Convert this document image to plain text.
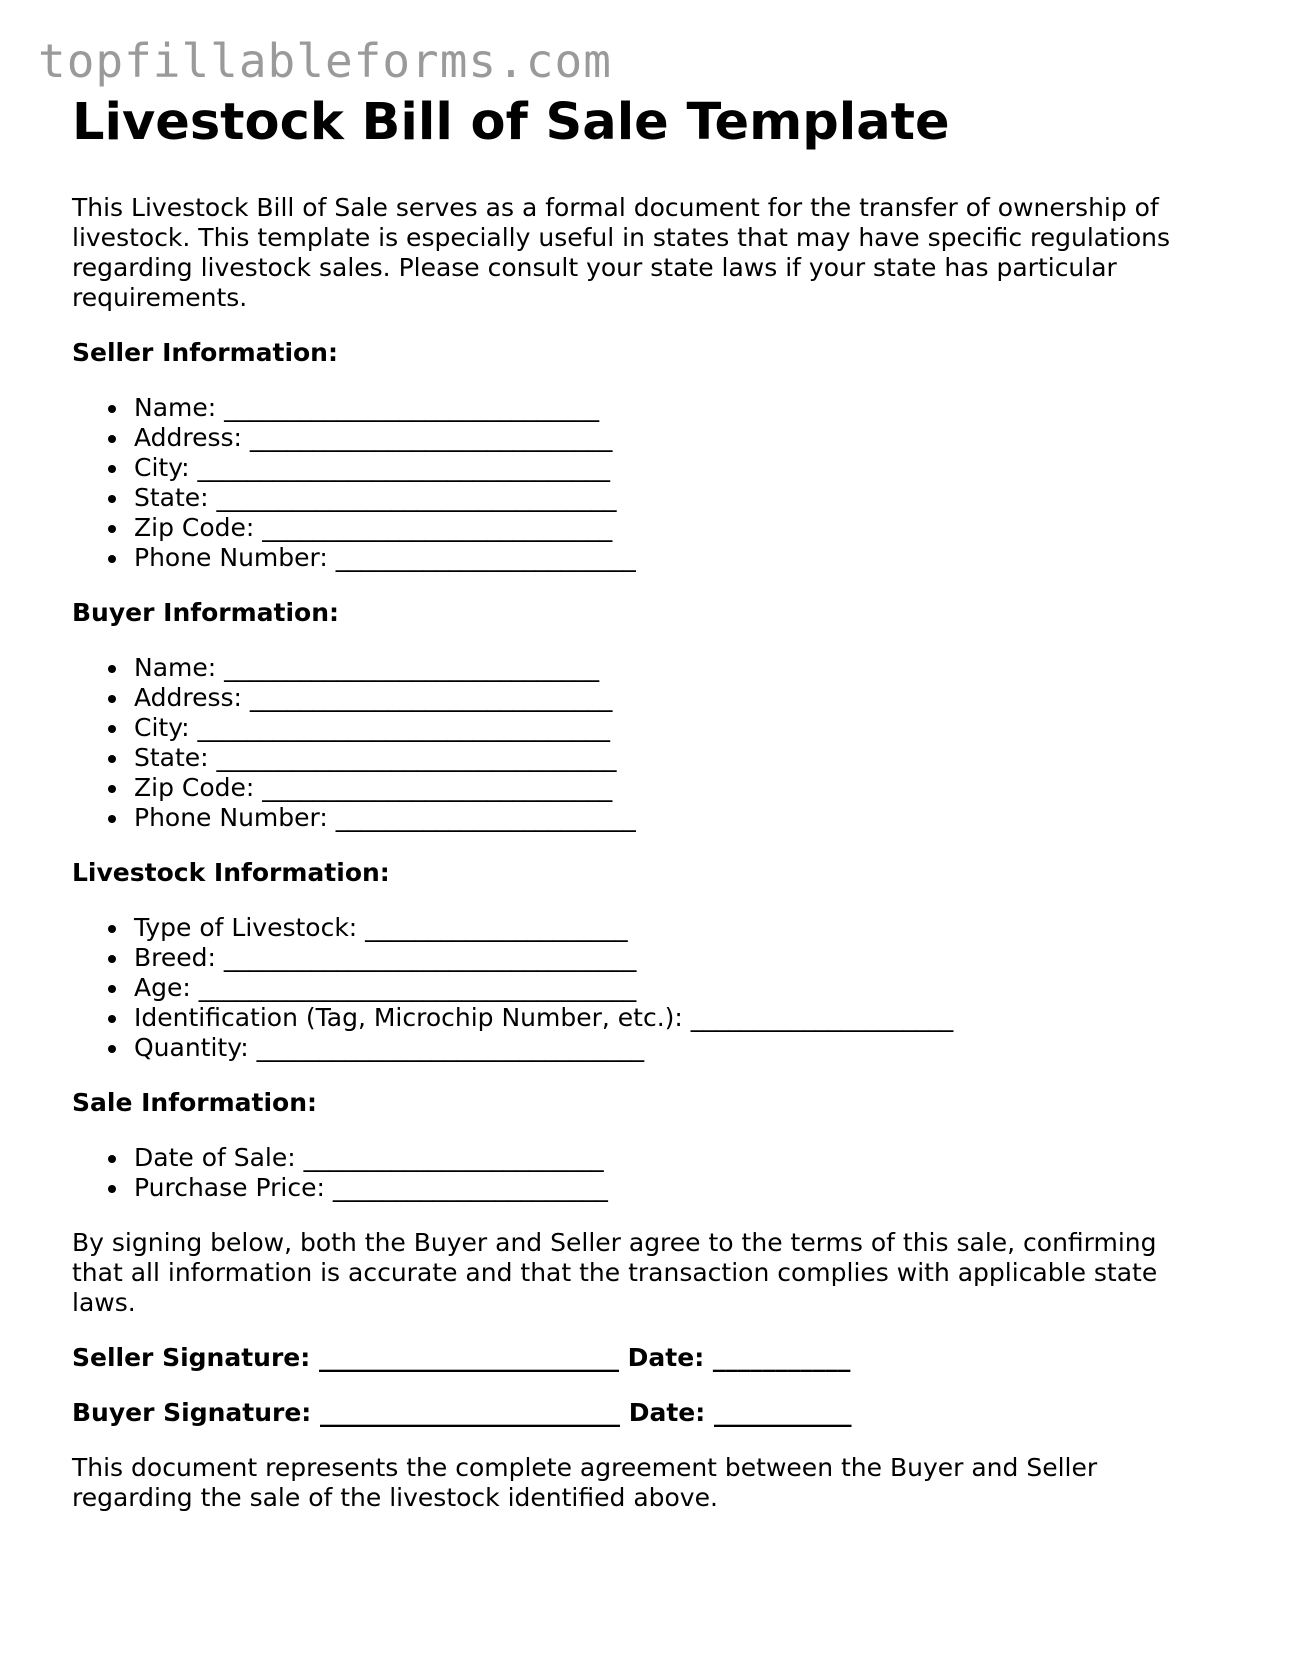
topfillableforms.com
Livestock Bill of Sale Template

This Livestock Bill of Sale serves as a formal document for the transfer of ownership of livestock. This template is especially useful in states that may have specific regulations regarding livestock sales. Please consult your state laws if your state has particular requirements.

Seller Information:

Name: ______________________________
Address: _____________________________
City: _________________________________
State: ________________________________
Zip Code: ____________________________
Phone Number: ________________________

Buyer Information:

Name: ______________________________
Address: _____________________________
City: _________________________________
State: ________________________________
Zip Code: ____________________________
Phone Number: ________________________

Livestock Information:

Type of Livestock: _____________________
Breed: _________________________________
Age: ___________________________________
Identification (Tag, Microchip Number, etc.): _____________________
Quantity: _______________________________

Sale Information:

Date of Sale: ________________________
Purchase Price: ______________________

By signing below, both the Buyer and Seller agree to the terms of this sale, confirming that all information is accurate and that the transaction complies with applicable state laws.

Seller Signature: ________________________ Date: ___________

Buyer Signature: ________________________ Date: ___________

This document represents the complete agreement between the Buyer and Seller regarding the sale of the livestock identified above.
